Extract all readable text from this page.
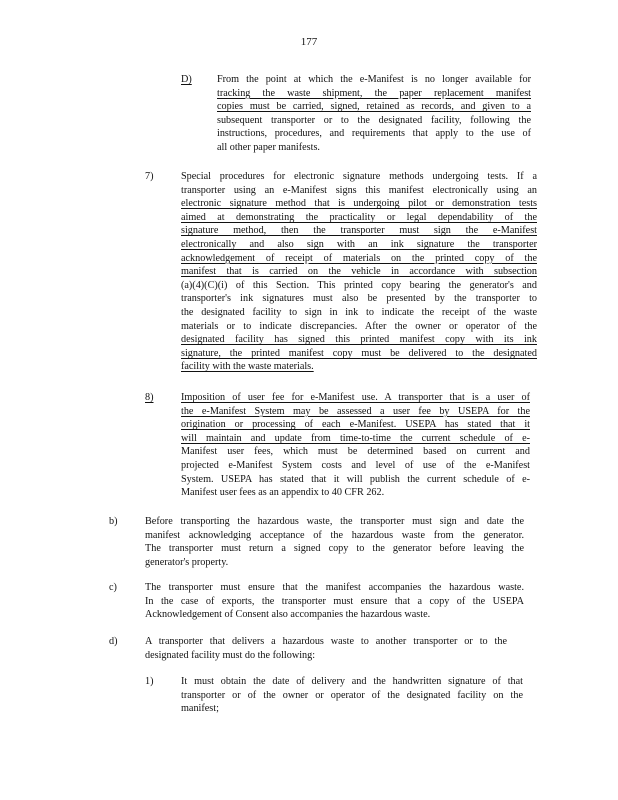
177
D) From the point at which the e-Manifest is no longer available for
tracking the waste shipment, the paper replacement manifest
copies must be carried, signed, retained as records, and given to a
subsequent transporter or to the designated facility, following the
instructions, procedures, and requirements that apply to the use of
all other paper manifests.
7)	Special procedures for electronic signature methods undergoing tests. If a
transporter using an e-Manifest signs this manifest electronically using an
electronic signature method that is undergoing pilot or demonstration tests
aimed at demonstrating the practicality or legal dependability of the
signature method, then the transporter must sign the e-Manifest
electronically and also sign with an ink signature the transporter
acknowledgement of receipt of materials on the printed copy of the
manifest that is carried on the vehicle in accordance with subsection
(a)(4)(C)(i) of this Section. This printed copy bearing the generator's and
transporter's ink signatures must also be presented by the transporter to
the designated facility to sign in ink to indicate the receipt of the waste
materials or to indicate discrepancies. After the owner or operator of the
designated facility has signed this printed manifest copy with its ink
signature, the printed manifest copy must be delivered to the designated
facility with the waste materials.
8)	Imposition of user fee for e-Manifest use. A transporter that is a user of
the e-Manifest System may be assessed a user fee by USEPA for the
origination or processing of each e-Manifest. USEPA has stated that it
will maintain and update from time-to-time the current schedule of e-
Manifest user fees, which must be determined based on current and
projected e-Manifest System costs and level of use of the e-Manifest
System. USEPA has stated that it will publish the current schedule of e-
Manifest user fees as an appendix to 40 CFR 262.
b)	Before transporting the hazardous waste, the transporter must sign and date the
manifest acknowledging acceptance of the hazardous waste from the generator.
The transporter must return a signed copy to the generator before leaving the
generator's property.
c)	The transporter must ensure that the manifest accompanies the hazardous waste.
In the case of exports, the transporter must ensure that a copy of the USEPA
Acknowledgement of Consent also accompanies the hazardous waste.
d)	A transporter that delivers a hazardous waste to another transporter or to the
designated facility must do the following:
1)	It must obtain the date of delivery and the handwritten signature of that
transporter or of the owner or operator of the designated facility on the
manifest;
